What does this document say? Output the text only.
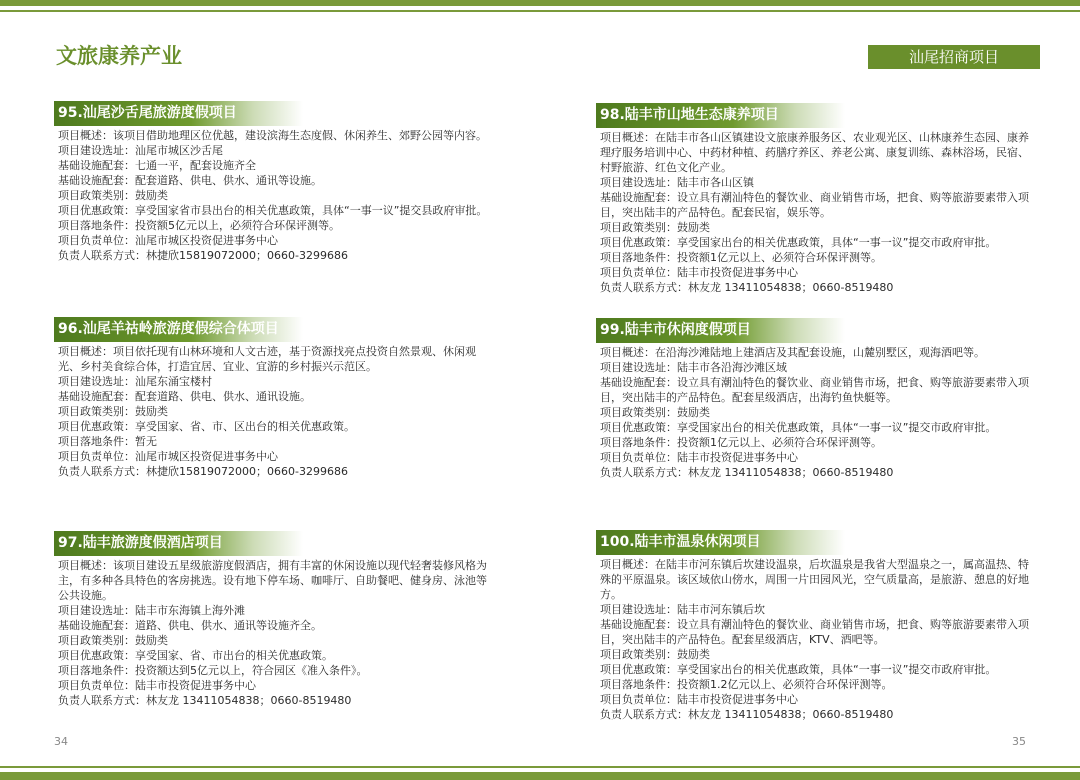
文旅康养产业	汕尾招商项目
95.汕尾沙舌尾旅游度假项目
项目概述：该项目借助地理区位优越，建设滨海生态度假、休闲养生、郊野公园等内容。
项目建设选址：汕尾市城区沙舌尾
基础设施配套：七通一平，配套设施齐全
基础设施配套：配套道路、供电、供水、通讯等设施。
项目政策类别：鼓励类
项目优惠政策：享受国家省市县出台的相关优惠政策，具体“一事一议”提交县政府审批。
项目落地条件：投资额5亿元以上，必须符合环保评测等。
项目负责单位：汕尾市城区投资促进事务中心
负责人联系方式：林捷欣15819072000；0660-3299686
96.汕尾羊祜岭旅游度假综合体项目
项目概述：项目依托现有山林环境和人文古迹，基于资源找亮点投资自然景观、休闲观光、乡村美食综合体，打造宜居、宜业、宜游的乡村振兴示范区。
项目建设选址：汕尾东涌宝楼村
基础设施配套：配套道路、供电、供水、通讯设施。
项目政策类别：鼓励类
项目优惠政策：享受国家、省、市、区出台的相关优惠政策。
项目落地条件：暂无
项目负责单位：汕尾市城区投资促进事务中心
负责人联系方式：林捷欣15819072000；0660-3299686
97.陆丰旅游度假酒店项目
项目概述：该项目建设五星级旅游度假酒店，拥有丰富的休闲设施以现代轻奢装修风格为主，有多种各具特色的客房挑选。设有地下停车场、咖啡厅、自助餐吧、健身房、泳池等公共设施。
项目建设选址：陆丰市东海镇上海外滩
基础设施配套：道路、供电、供水、通讯等设施齐全。
项目政策类别：鼓励类
项目优惠政策：享受国家、省、市出台的相关优惠政策。
项目落地条件：投资额达到5亿元以上，符合园区《准入条件》。
项目负责单位：陆丰市投资促进事务中心
负责人联系方式：林友龙 13411054838；0660-8519480
98.陆丰市山地生态康养项目
项目概述：在陆丰市各山区镇建设文旅康养服务区、农业观光区、山林康养生态园、康养理疗服务培训中心、中药材种植、药膳疗养区、养老公寓、康复训练、森林浴场，民宿、村野旅游、红色文化产业。
项目建设选址：陆丰市各山区镇
基础设施配套：设立具有潮汕特色的餐饮业、商业销售市场，把食、购等旅游要素带入项目，突出陆丰的产品特色。配套民宿，娱乐等。
项目政策类别：鼓励类
项目优惠政策：享受国家出台的相关优惠政策，具体“一事一议”提交市政府审批。
项目落地条件：投资额1亿元以上、必须符合环保评测等。
项目负责单位：陆丰市投资促进事务中心
负责人联系方式：林友龙 13411054838；0660-8519480
99.陆丰市休闲度假项目
项目概述：在沿海沙滩陆地上建酒店及其配套设施，山麓别墅区，观海酒吧等。
项目建设选址：陆丰市各沿海沙滩区域
基础设施配套：设立具有潮汕特色的餐饮业、商业销售市场，把食、购等旅游要素带入项目，突出陆丰的产品特色。配套星级酒店，出海钓鱼快艇等。
项目政策类别：鼓励类
项目优惠政策：享受国家出台的相关优惠政策，具体“一事一议”提交市政府审批。
项目落地条件：投资额1亿元以上、必须符合环保评测等。
项目负责单位：陆丰市投资促进事务中心
负责人联系方式：林友龙 13411054838；0660-8519480
100.陆丰市温泉休闲项目
项目概述：在陆丰市河东镇后坎建设温泉，后坎温泉是我省大型温泉之一，属高温热、特殊的平原温泉。该区域依山傍水，周围一片田园风光，空气质量高，是旅游、憩息的好地方。
项目建设选址：陆丰市河东镇后坎
基础设施配套：设立具有潮汕特色的餐饮业、商业销售市场，把食、购等旅游要素带入项目，突出陆丰的产品特色。配套星级酒店，KTV、酒吧等。
项目政策类别：鼓励类
项目优惠政策：享受国家出台的相关优惠政策，具体“一事一议”提交市政府审批。
项目落地条件：投资额1.2亿元以上、必须符合环保评测等。
项目负责单位：陆丰市投资促进事务中心
负责人联系方式：林友龙 13411054838；0660-8519480
34	35
